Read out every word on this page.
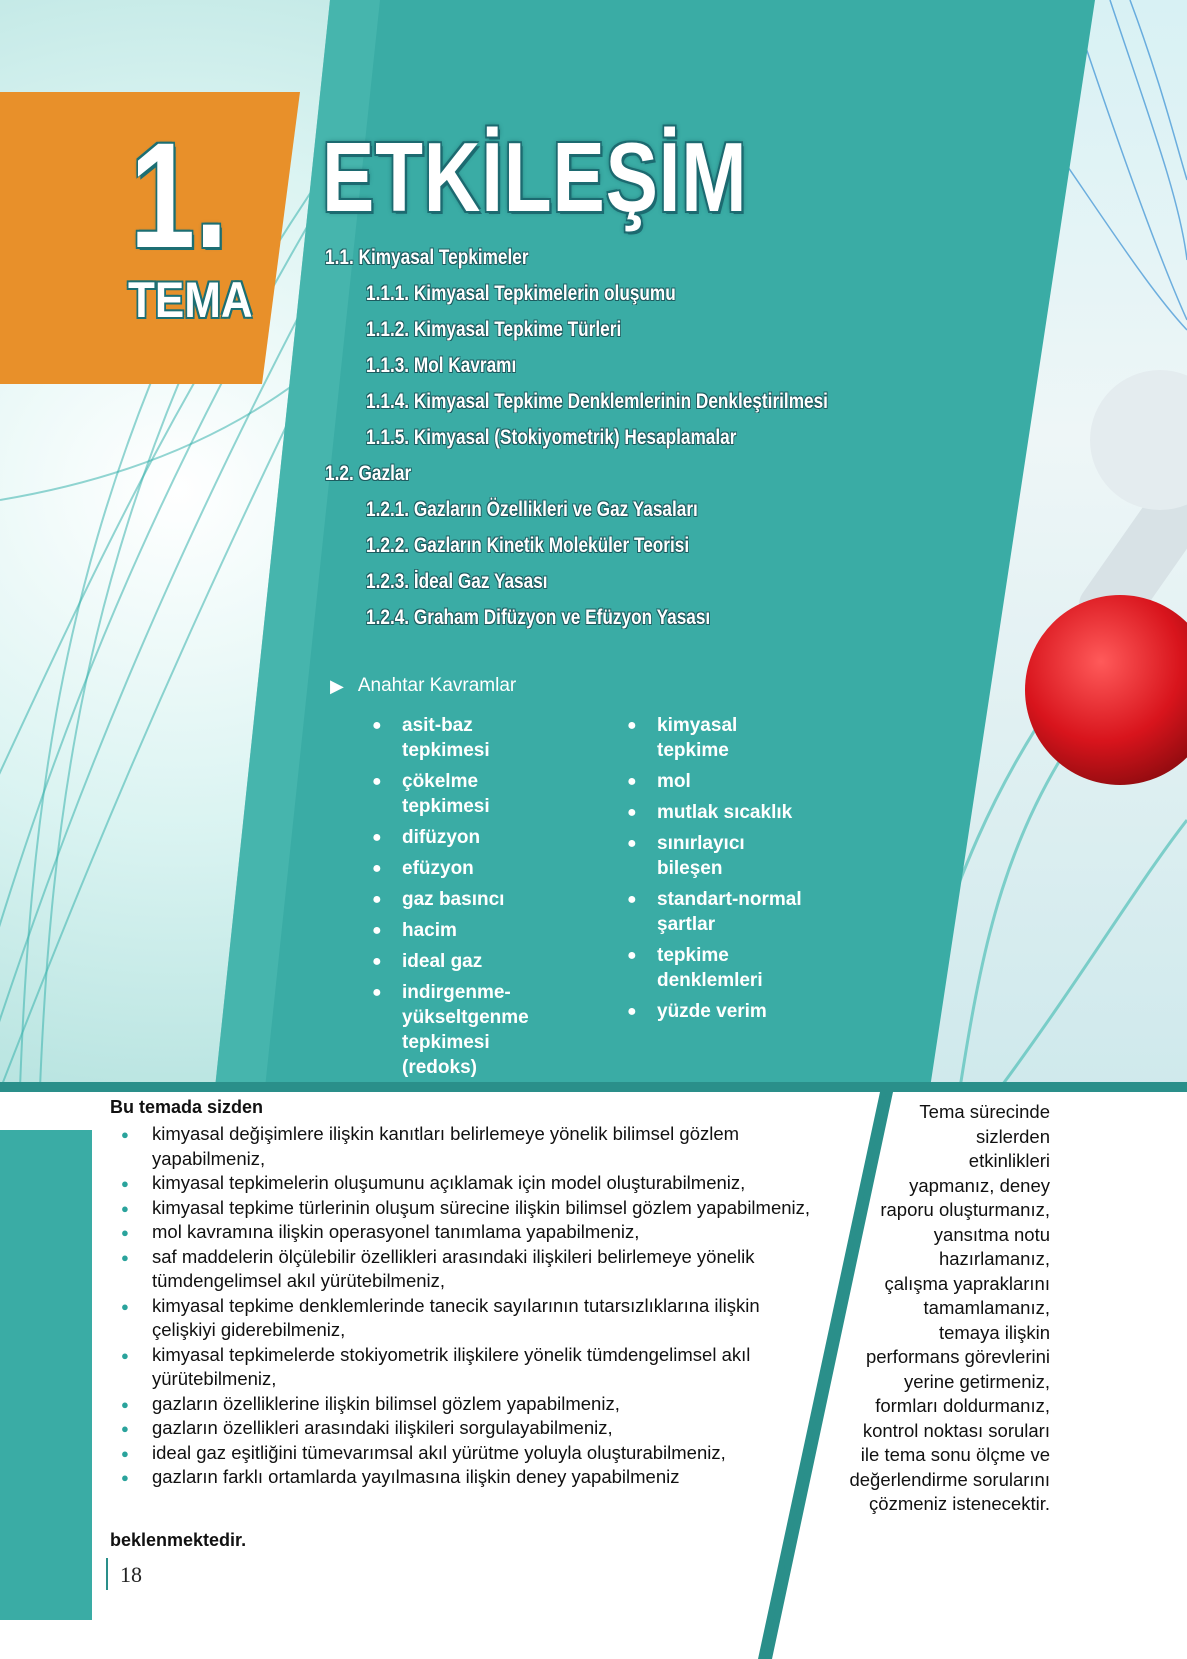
1.
TEMA
ETKİLEŞİM
1.1. Kimyasal Tepkimeler
1.1.1. Kimyasal Tepkimelerin oluşumu
1.1.2. Kimyasal Tepkime Türleri
1.1.3. Mol Kavramı
1.1.4. Kimyasal Tepkime Denklemlerinin Denkleştirilmesi
1.1.5. Kimyasal (Stokiyometrik) Hesaplamalar
1.2. Gazlar
1.2.1. Gazların Özellikleri ve Gaz Yasaları
1.2.2. Gazların Kinetik Moleküler Teorisi
1.2.3. İdeal Gaz Yasası
1.2.4. Graham Difüzyon ve Efüzyon Yasası
▶ Anahtar Kavramlar
● asit-baz tepkimesi
● çökelme tepkimesi
● difüzyon
● efüzyon
● gaz basıncı
● hacim
● ideal gaz
● indirgenme-yükseltgenme tepkimesi (redoks)
● kimyasal tepkime
● mol
● mutlak sıcaklık
● sınırlayıcı bileşen
● standart-normal şartlar
● tepkime denklemleri
● yüzde verim
Bu temada sizden
● kimyasal değişimlere ilişkin kanıtları belirlemeye yönelik bilimsel gözlem yapabilmeniz,
● kimyasal tepkimelerin oluşumunu açıklamak için model oluşturabilmeniz,
● kimyasal tepkime türlerinin oluşum sürecine ilişkin bilimsel gözlem yapabilmeniz,
● mol kavramına ilişkin operasyonel tanımlama yapabilmeniz,
● saf maddelerin ölçülebilir özellikleri arasındaki ilişkileri belirlemeye yönelik tümdengelimsel akıl yürütebilmeniz,
● kimyasal tepkime denklemlerinde tanecik sayılarının tutarsızlıklarına ilişkin çelişkiyi giderebilmeniz,
● kimyasal tepkimelerde stokiyometrik ilişkilere yönelik tümdengelimsel akıl yürütebilmeniz,
● gazların özelliklerine ilişkin bilimsel gözlem yapabilmeniz,
● gazların özellikleri arasındaki ilişkileri sorgulayabilmeniz,
● ideal gaz eşitliğini tümevarımsal akıl yürütme yoluyla oluşturabilmeniz,
● gazların farklı ortamlarda yayılmasına ilişkin deney yapabilmeniz
beklenmektedir.
Tema sürecinde
sizlerden
etkinlikleri
yapmanız, deney
raporu oluşturmanız,
yansıtma notu
hazırlamanız,
çalışma yapraklarını
tamamlamanız,
temaya ilişkin
performans görevlerini
yerine getirmeniz,
formları doldurmanız,
kontrol noktası soruları
ile tema sonu ölçme ve
değerlendirme sorularını
çözmeniz istenecektir.
18
